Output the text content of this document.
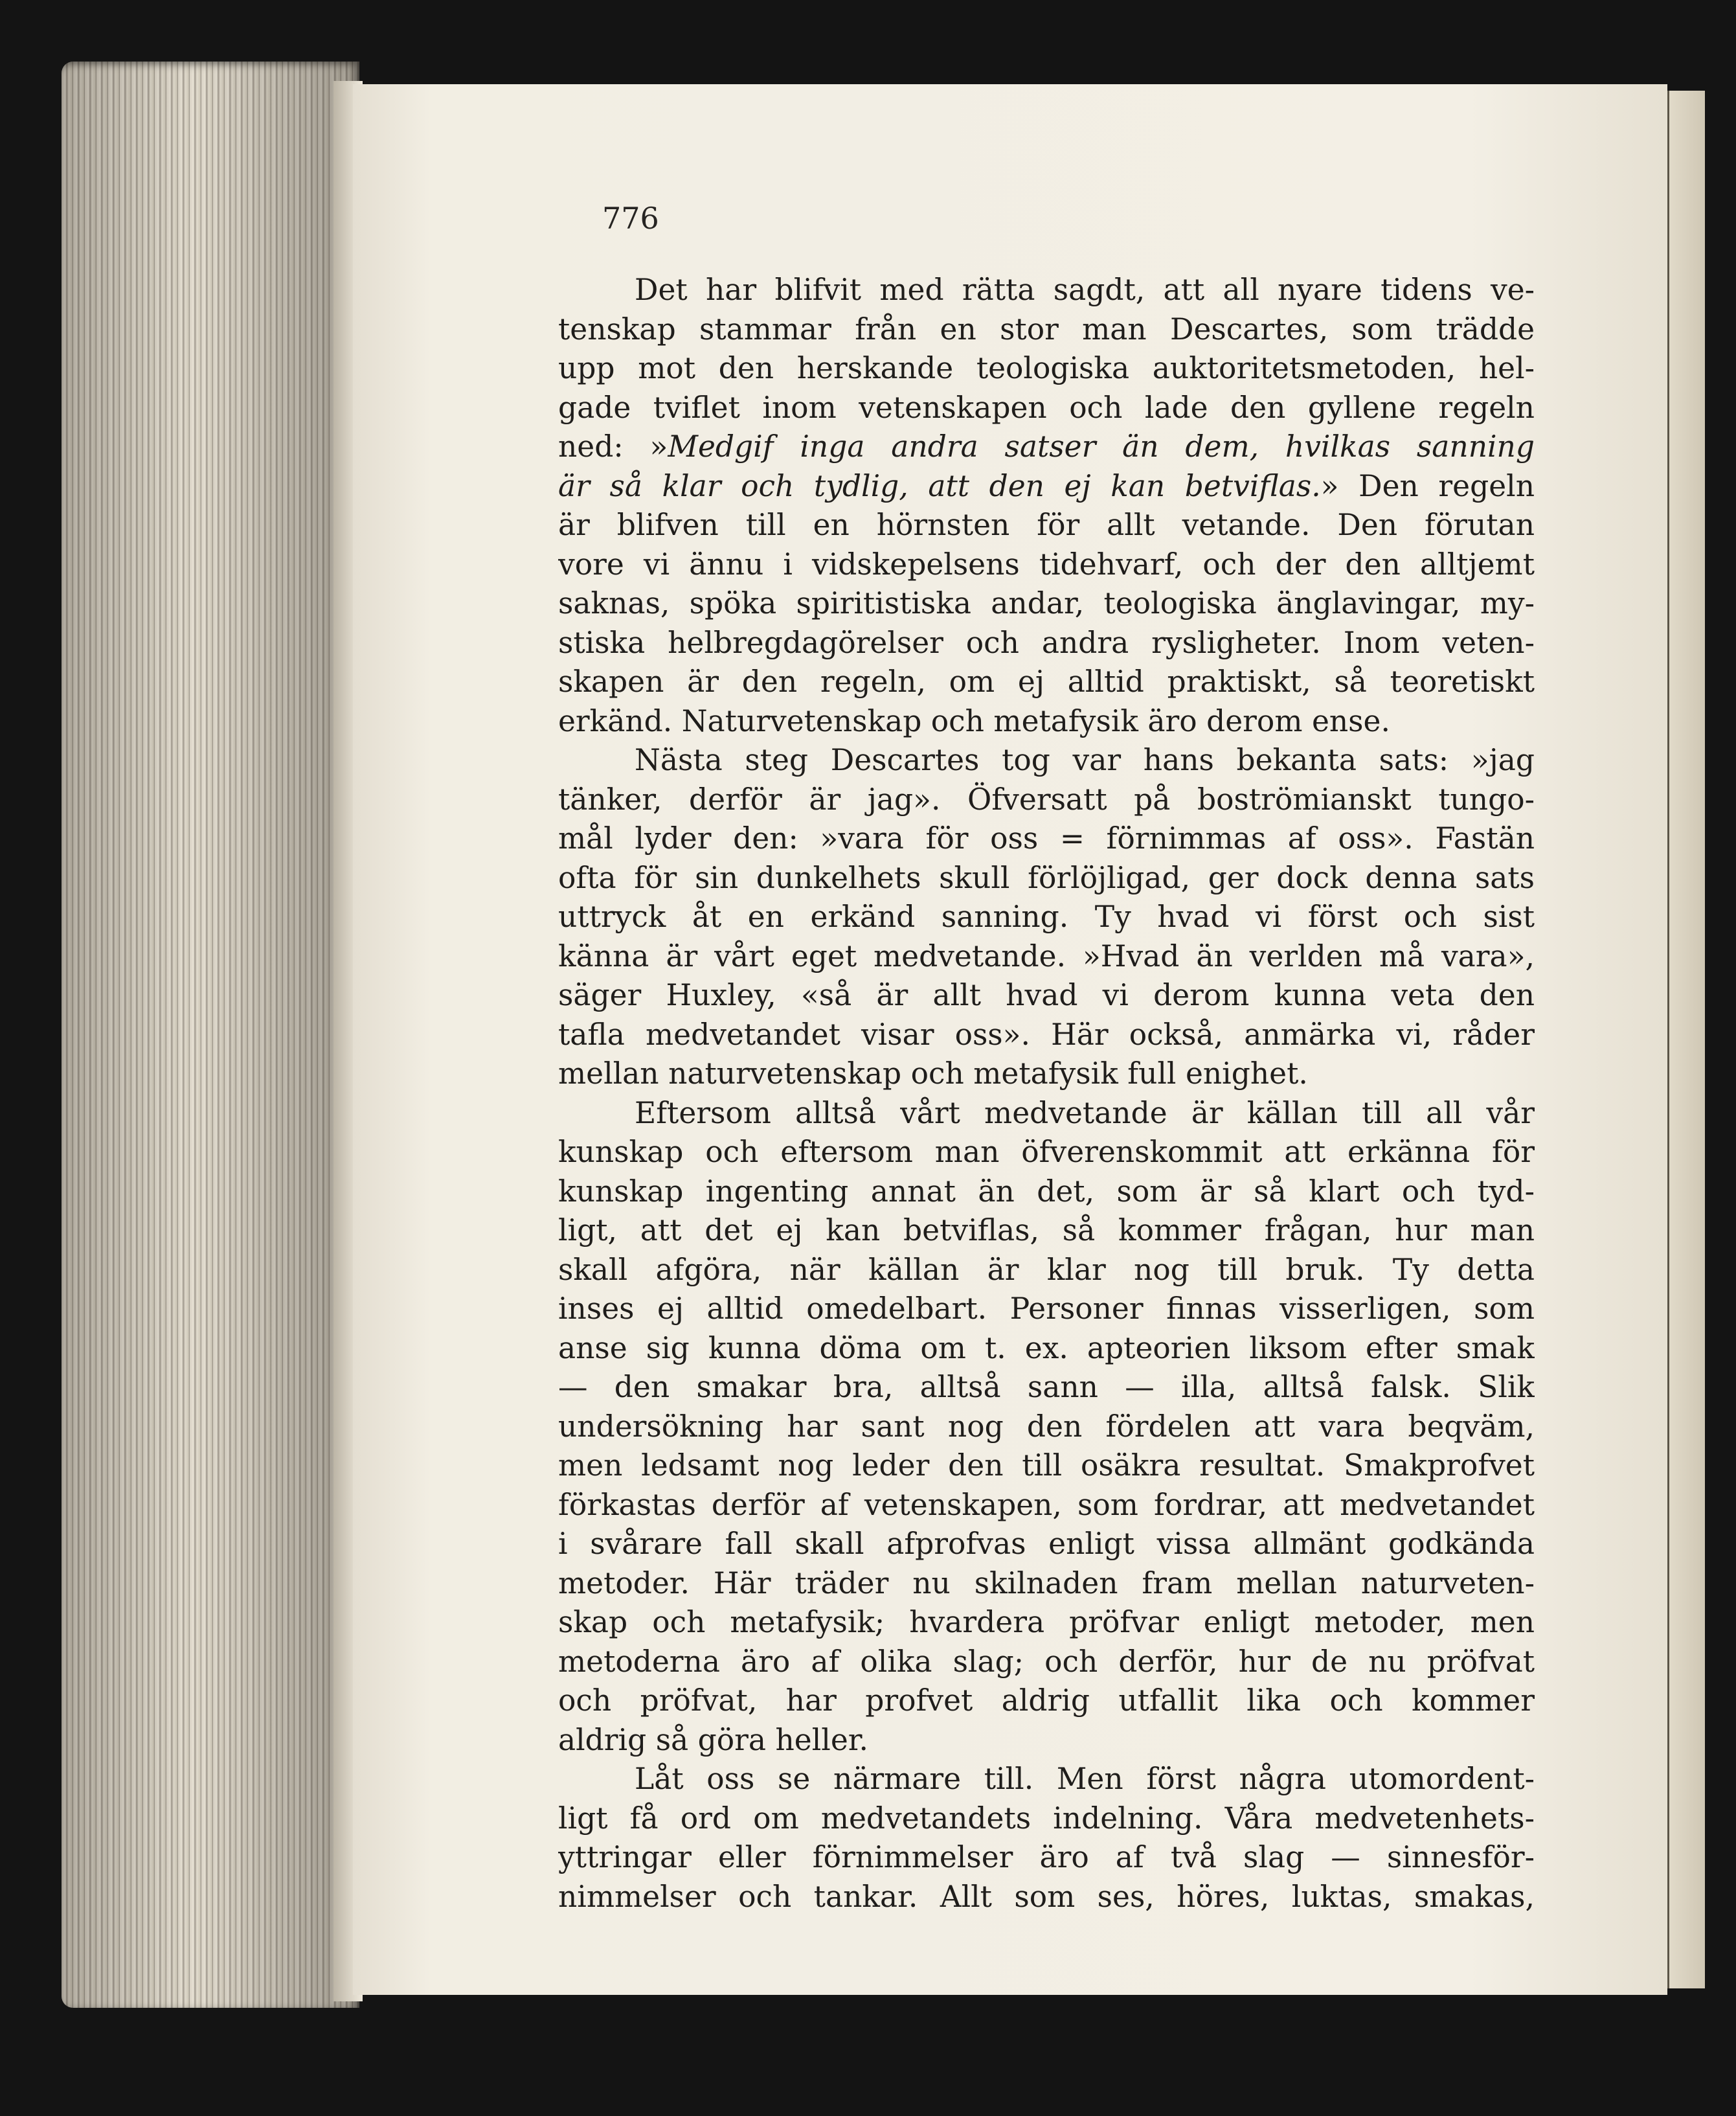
776

Det har blifvit med rätta sagdt, att all nyare tidens ve-
tenskap stammar från en stor man Descartes, som trädde
upp mot den herskande teologiska auktoritetsmetoden, hel-
gade tviflet inom vetenskapen och lade den gyllene regeln
ned: »Medgif inga andra satser än dem, hvilkas sanning
är så klar och tydlig, att den ej kan betviflas.» Den regeln
är blifven till en hörnsten för allt vetande. Den förutan
vore vi ännu i vidskepelsens tidehvarf, och der den alltjemt
saknas, spöka spiritistiska andar, teologiska änglavingar, my-
stiska helbregdagörelser och andra rysligheter. Inom veten-
skapen är den regeln, om ej alltid praktiskt, så teoretiskt
erkänd. Naturvetenskap och metafysik äro derom ense.
Nästa steg Descartes tog var hans bekanta sats: »jag
tänker, derför är jag». Öfversatt på boströmianskt tungo-
mål lyder den: »vara för oss = förnimmas af oss». Fastän
ofta för sin dunkelhets skull förlöjligad, ger dock denna sats
uttryck åt en erkänd sanning. Ty hvad vi först och sist
känna är vårt eget medvetande. »Hvad än verlden må vara»,
säger Huxley, «så är allt hvad vi derom kunna veta den
tafla medvetandet visar oss». Här också, anmärka vi, råder
mellan naturvetenskap och metafysik full enighet.
Eftersom alltså vårt medvetande är källan till all vår
kunskap och eftersom man öfverenskommit att erkänna för
kunskap ingenting annat än det, som är så klart och tyd-
ligt, att det ej kan betviflas, så kommer frågan, hur man
skall afgöra, när källan är klar nog till bruk. Ty detta
inses ej alltid omedelbart. Personer finnas visserligen, som
anse sig kunna döma om t. ex. apteorien liksom efter smak
— den smakar bra, alltså sann — illa, alltså falsk. Slik
undersökning har sant nog den fördelen att vara beqväm,
men ledsamt nog leder den till osäkra resultat. Smakprofvet
förkastas derför af vetenskapen, som fordrar, att medvetandet
i svårare fall skall afprofvas enligt vissa allmänt godkända
metoder. Här träder nu skilnaden fram mellan naturveten-
skap och metafysik; hvardera pröfvar enligt metoder, men
metoderna äro af olika slag; och derför, hur de nu pröfvat
och pröfvat, har profvet aldrig utfallit lika och kommer
aldrig så göra heller.
Låt oss se närmare till. Men först några utomordent-
ligt få ord om medvetandets indelning. Våra medvetenhets-
yttringar eller förnimmelser äro af två slag — sinnesför-
nimmelser och tankar. Allt som ses, höres, luktas, smakas,
